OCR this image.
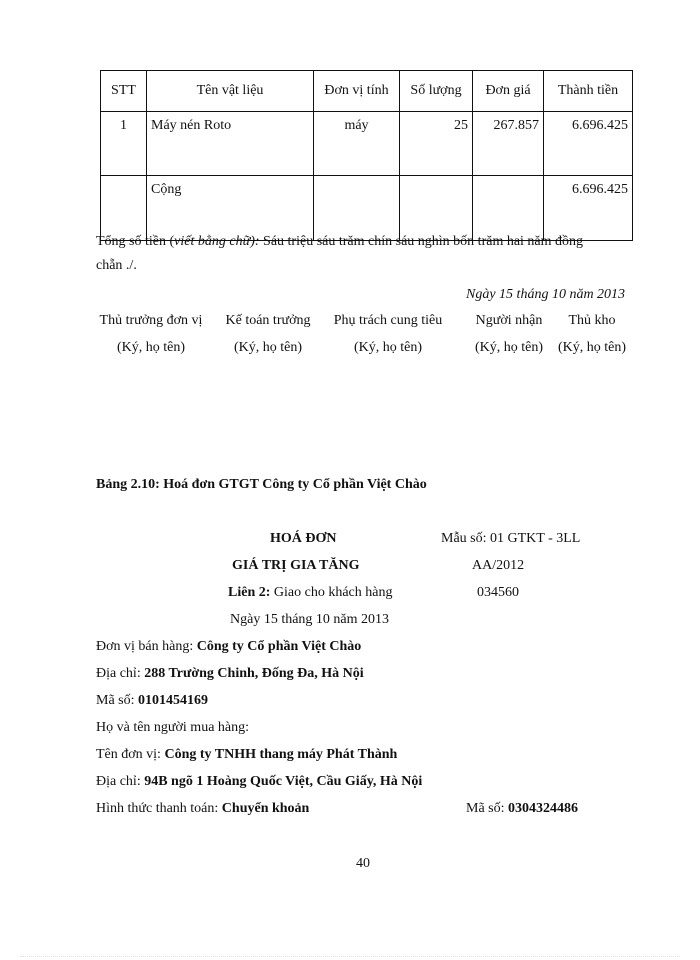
STT	Tên vật liệu	Đơn vị tính	Số lượng	Đơn giá	Thành tiền
1	Máy nén Roto	máy	25	267.857	6.696.425
	Cộng				6.696.425
Tổng số tiền (viết bằng chữ): Sáu triệu sáu trăm chín sáu nghìn bốn trăm hai năm đồng
chẵn ./.
Ngày 15 tháng 10 năm 2013
Thủ trưởng đơn vị
(Ký, họ tên)
Kế toán trưởng
(Ký, họ tên)
Phụ trách cung tiêu
(Ký, họ tên)
Người nhận
(Ký, họ tên)
Thủ kho
(Ký, họ tên)
Bảng 2.10: Hoá đơn GTGT Công ty Cổ phần Việt Chào
HOÁ ĐƠN
GIÁ TRỊ GIA TĂNG
Liên 2: Giao cho khách hàng
Ngày 15 tháng 10 năm 2013
Mẫu số: 01 GTKT - 3LL
AA/2012
034560
Đơn vị bán hàng: Công ty Cổ phần Việt Chào
Địa chỉ: 288 Trường Chinh, Đống Đa, Hà Nội
Mã số: 0101454169
Họ và tên người mua hàng:
Tên đơn vị: Công ty TNHH thang máy Phát Thành
Địa chỉ: 94B ngõ 1 Hoàng Quốc Việt, Cầu Giấy, Hà Nội
Hình thức thanh toán: Chuyển khoản	Mã số: 0304324486
40
